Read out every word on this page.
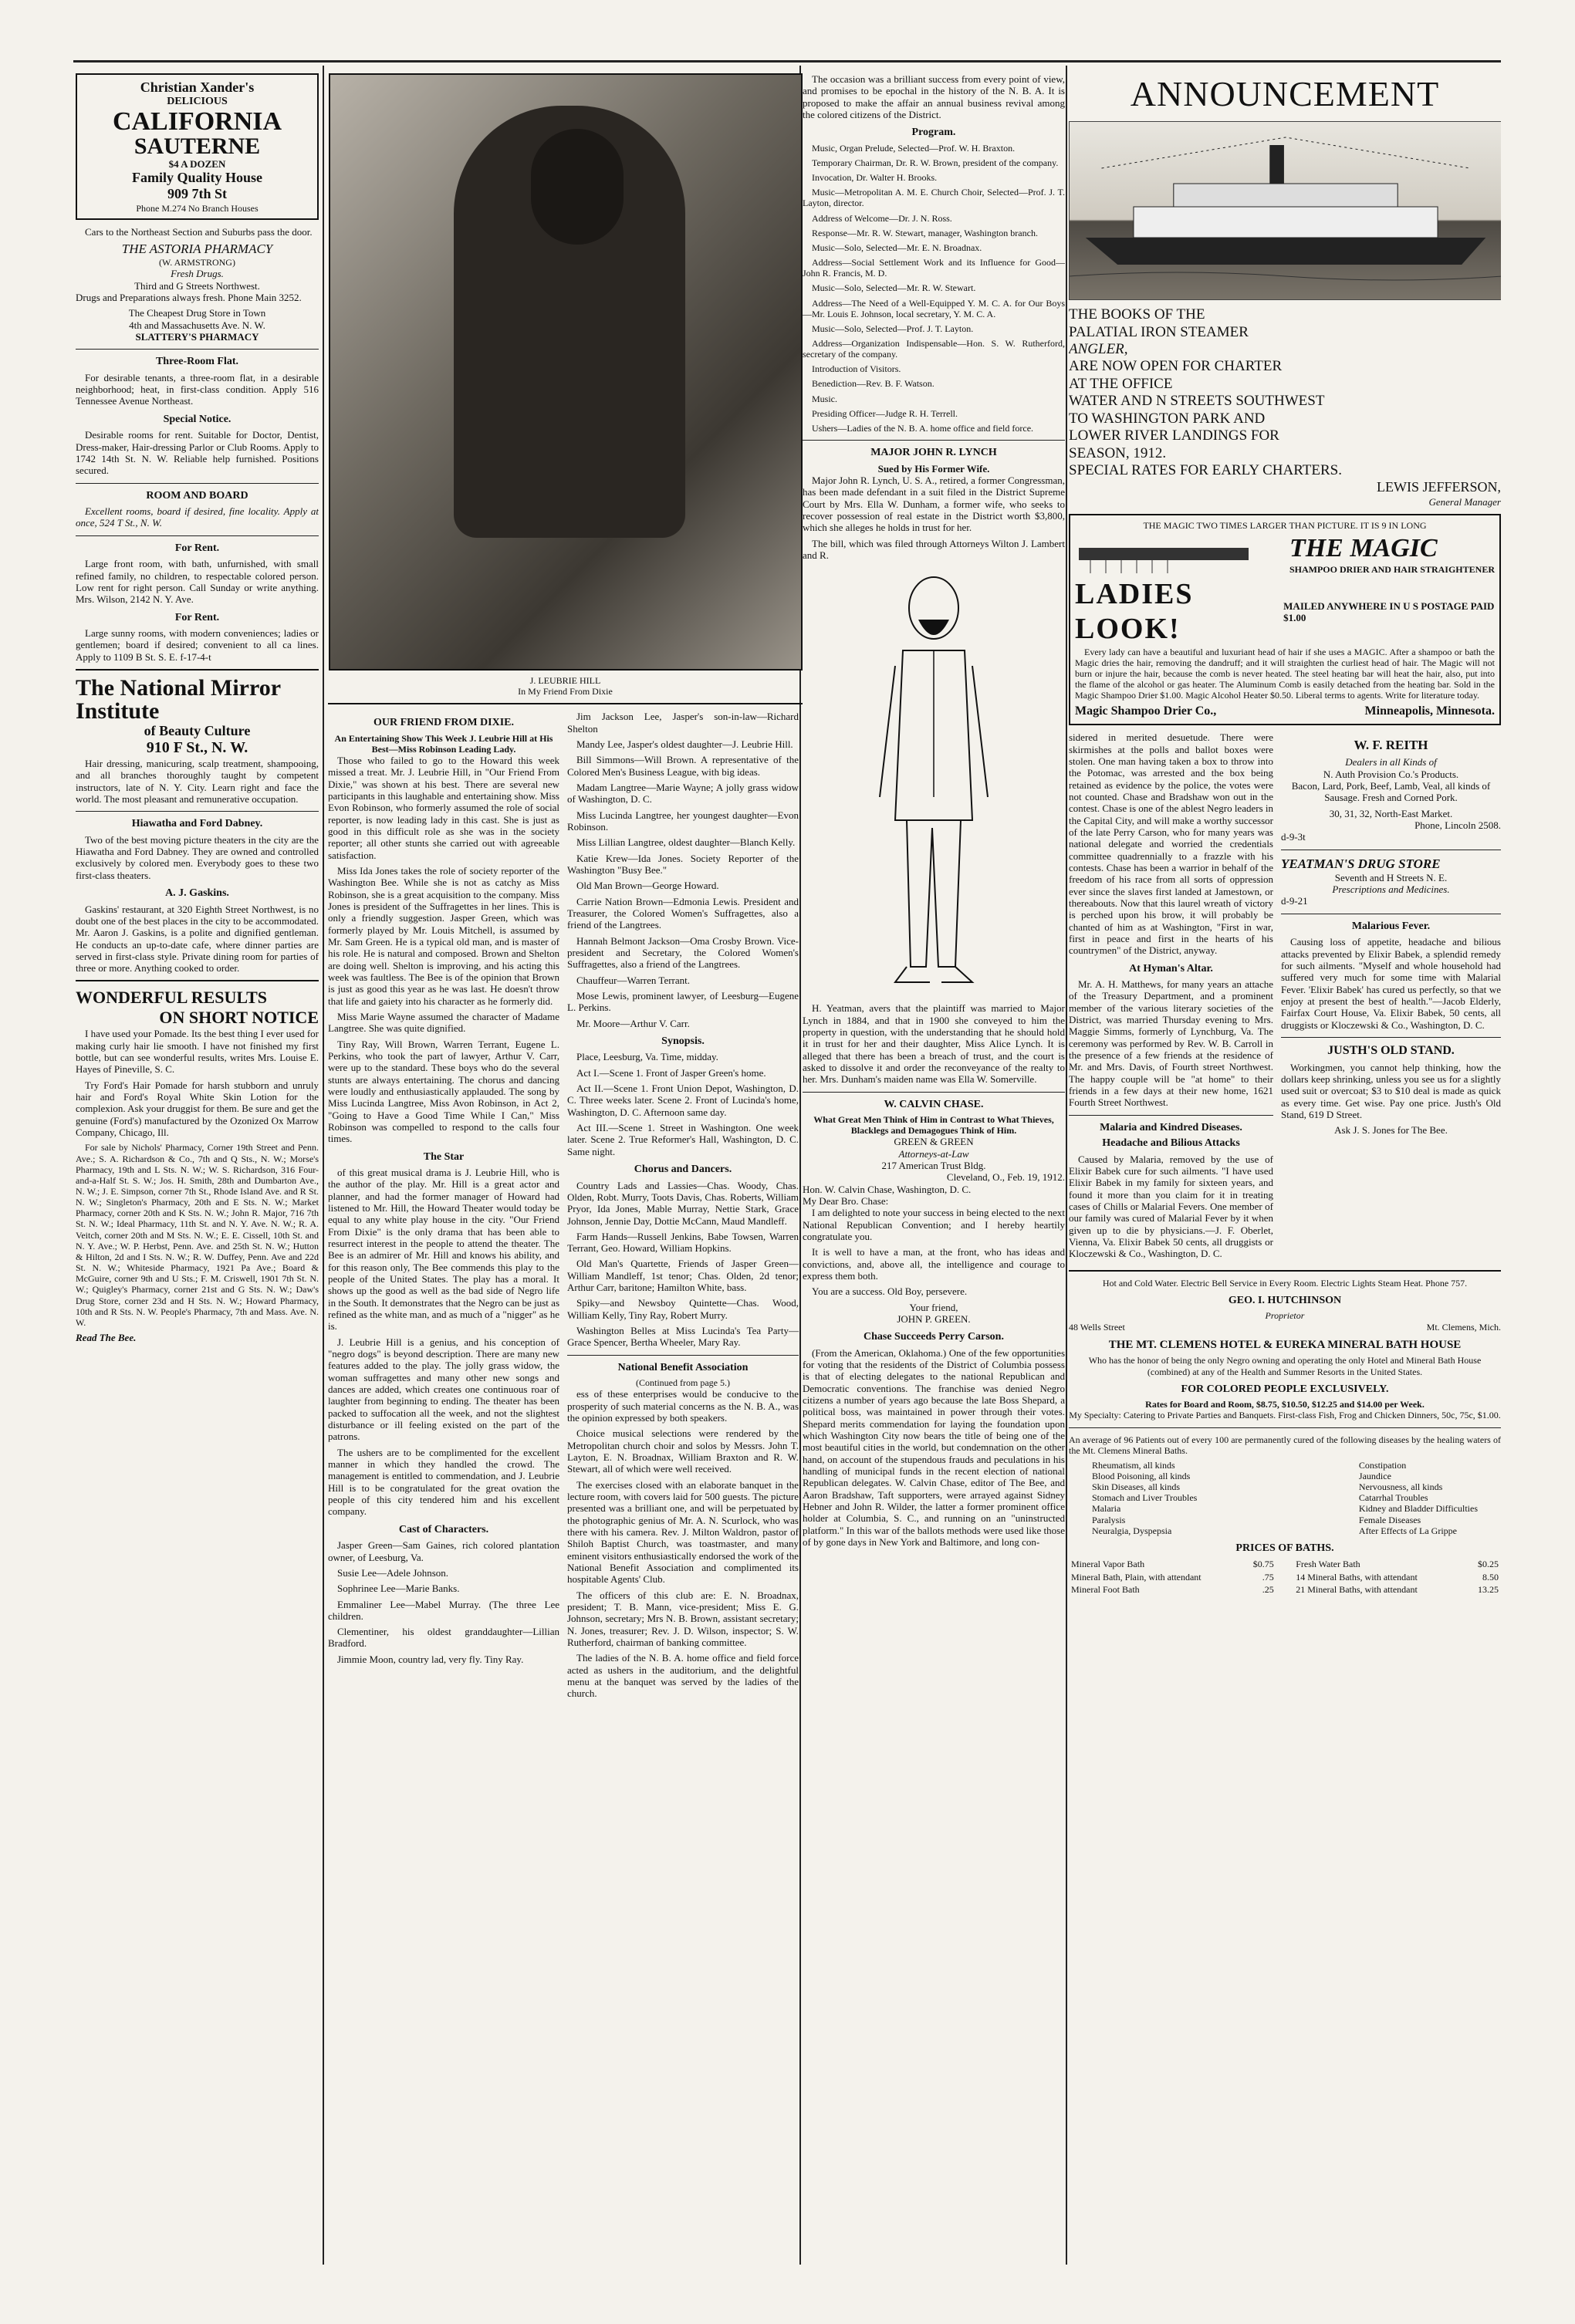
Christian Xander's
DELICIOUS
CALIFORNIA
SAUTERNE
$4 A DOZEN
Family Quality House
909 7th St
Phone M.274 No Branch Houses

Cars to the Northeast Section and Suburbs pass the door.

THE ASTORIA PHARMACY
(W. ARMSTRONG)
Fresh Drugs.
Third and G Streets Northwest.

Drugs and Preparations always fresh. Phone Main 3252.

The Cheapest Drug Store in Town
4th and Massachusetts Ave. N. W.
SLATTERY'S PHARMACY
Three-Room Flat.

For desirable tenants, a three-room flat, in a desirable neighborhood; heat, in first-class condition. Apply 516 Tennessee Avenue Northeast.

Special Notice.

Desirable rooms for rent. Suitable for Doctor, Dentist, Dress-maker, Hair-dressing Parlor or Club Rooms. Apply to 1742 14th St. N. W. Reliable help furnished. Positions secured.

ROOM AND BOARD

Excellent rooms, board if desired, fine locality. Apply at once, 524 T St., N. W.

For Rent.

Large front room, with bath, unfurnished, with small refined family, no children, to respectable colored person. Low rent for right person. Call Sunday or write anything. Mrs. Wilson, 2142 N. Y. Ave.

For Rent.

Large sunny rooms, with modern conveniences; ladies or gentlemen; board if desired; convenient to all ca lines. Apply to 1109 B St. S. E. f-17-4-t

The National Mirror Institute
of Beauty Culture
910 F St., N. W.

Hair dressing, manicuring, scalp treatment, shampooing, and all branches thoroughly taught by competent instructors, late of N. Y. City. Learn right and face the world. The most pleasant and remunerative occupation.

Hiawatha and Ford Dabney.

Two of the best moving picture theaters in the city are the Hiawatha and Ford Dabney. They are owned and controlled exclusively by colored men. Everybody goes to these two first-class theaters.

A. J. Gaskins.

Gaskins' restaurant, at 320 Eighth Street Northwest, is no doubt one of the best places in the city to be accommodated. Mr. Aaron J. Gaskins, is a polite and dignified gentleman. He conducts an up-to-date cafe, where dinner parties are served in first-class style. Private dining room for parties of three or more. Anything cooked to order.

WONDERFUL RESULTS
ON SHORT NOTICE

I have used your Pomade. Its the best thing I ever used for making curly hair lie smooth. I have not finished my first bottle, but can see wonderful results, writes Mrs. Louise E. Hayes of Pineville, S. C.

Try Ford's Hair Pomade for harsh stubborn and unruly hair and Ford's Royal White Skin Lotion for the complexion. Ask your druggist for them. Be sure and get the genuine (Ford's) manufactured by the Ozonized Ox Marrow Company, Chicago, Ill.

For sale by Nichols' Pharmacy, Corner 19th Street and Penn. Ave.; S. A. Richardson & Co., 7th and Q Sts., N. W.; Morse's Pharmacy, 19th and L Sts. N. W.; W. S. Richardson, 316 Four-and-a-Half St. S. W.; Jos. H. Smith, 28th and Dumbarton Ave., N. W.; J. E. Simpson, corner 7th St., Rhode Island Ave. and R St. N. W.; Singleton's Pharmacy, 20th and E Sts. N. W.; Market Pharmacy, corner 20th and K Sts. N. W.; John R. Major, 716 7th St. N. W.; Ideal Pharmacy, 11th St. and N. Y. Ave. N. W.; R. A. Veitch, corner 20th and M Sts. N. W.; E. E. Cissell, 10th St. and N. Y. Ave.; W. P. Herbst, Penn. Ave. and 25th St. N. W.; Hutton & Hilton, 2d and I Sts. N. W.; R. W. Duffey, Penn. Ave and 22d St. N. W.; Whiteside Pharmacy, 1921 Pa Ave.; Board & McGuire, corner 9th and U Sts.; F. M. Criswell, 1901 7th St. N. W.; Quigley's Pharmacy, corner 21st and G Sts. N. W.; Daw's Drug Store, corner 23d and H Sts. N. W.; Howard Pharmacy, 10th and R Sts. N. W. People's Pharmacy, 7th and Mass. Ave. N. W.

Read The Bee.
J. LEUBRIE HILL
In My Friend From Dixie
OUR FRIEND FROM DIXIE.
An Entertaining Show This Week J. Leubrie Hill at His Best—Miss Robinson Leading Lady.

Those who failed to go to the Howard this week missed a treat. Mr. J. Leubrie Hill, in "Our Friend From Dixie," was shown at his best. There are several new participants in this laughable and entertaining show. Miss Evon Robinson, who formerly assumed the role of social reporter, is now leading lady in this cast. She is just as good in this difficult role as she was in the society reporter; all other stunts she carried out with agreeable satisfaction.

Miss Ida Jones takes the role of society reporter of the Washington Bee. While she is not as catchy as Miss Robinson, she is a great acquisition to the company. Miss Jones is president of the Suffragettes in her lines. This is only a friendly suggestion. Jasper Green, which was formerly played by Mr. Louis Mitchell, is assumed by Mr. Sam Green. He is a typical old man, and is master of his role. He is natural and composed. Brown and Shelton are doing well. Shelton is improving, and his acting this week was faultless. The Bee is of the opinion that Brown is just as good this year as he was last. He doesn't throw that life and gaiety into his character as he formerly did.

Miss Marie Wayne assumed the character of Madame Langtree. She was quite dignified.

Tiny Ray, Will Brown, Warren Terrant, Eugene L. Perkins, who took the part of lawyer, Arthur V. Carr, were up to the standard. These boys who do the several stunts are always entertaining. The chorus and dancing were loudly and enthusiastically applauded. The song by Miss Lucinda Langtree, Miss Avon Robinson, in Act 2, "Going to Have a Good Time While I Can," Miss Robinson was compelled to respond to the calls four times.

The Star

of this great musical drama is J. Leubrie Hill, who is the author of the play. Mr. Hill is a great actor and planner, and had the former manager of Howard had listened to Mr. Hill, the Howard Theater would today be equal to any white play house in the city. "Our Friend From Dixie" is the only drama that has been able to resurrect interest in the people to attend the theater. The Bee is an admirer of Mr. Hill and knows his ability, and for this reason only, The Bee commends this play to the people of the United States. The play has a moral. It shows up the good as well as the bad side of Negro life in the South. It demonstrates that the Negro can be just as refined as the white man, and as much of a "nigger" as he is.

J. Leubrie Hill is a genius, and his conception of "negro dogs" is beyond description. There are many new features added to the play. The jolly grass widow, the woman suffragettes and many other new songs and dances are added, which creates one continuous roar of laughter from beginning to ending. The theater has been packed to suffocation all the week, and not the slightest disturbance or ill feeling existed on the part of the patrons.

The ushers are to be complimented for the excellent manner in which they handled the crowd. The management is entitled to commendation, and J. Leubrie Hill is to be congratulated for the great ovation the people of this city tendered him and his excellent company.

Cast of Characters.

Jasper Green—Sam Gaines, rich colored plantation owner, of Leesburg, Va.

Susie Lee—Adele Johnson.

Sophrinee Lee—Marie Banks.

Emmaliner Lee—Mabel Murray. (The three Lee children.

Clementiner, his oldest granddaughter—Lillian Bradford.

Jimmie Moon, country lad, very fly. Tiny Ray.

Jim Jackson Lee, Jasper's son-in-law—Richard Shelton

Mandy Lee, Jasper's oldest daughter—J. Leubrie Hill.

Bill Simmons—Will Brown. A representative of the Colored Men's Business League, with big ideas.

Madam Langtree—Marie Wayne; A jolly grass widow of Washington, D. C.

Miss Lucinda Langtree, her youngest daughter—Evon Robinson.

Miss Lillian Langtree, oldest daughter—Blanch Kelly.

Katie Krew—Ida Jones. Society Reporter of the Washington "Busy Bee."

Old Man Brown—George Howard.

Carrie Nation Brown—Edmonia Lewis. President and Treasurer, the Colored Women's Suffragettes, also a friend of the Langtrees.

Hannah Belmont Jackson—Oma Crosby Brown. Vice-president and Secretary, the Colored Women's Suffragettes, also a friend of the Langtrees.

Chauffeur—Warren Terrant.

Mose Lewis, prominent lawyer, of Leesburg—Eugene L. Perkins.

Mr. Moore—Arthur V. Carr.

Synopsis.

Place, Leesburg, Va. Time, midday.

Act I.—Scene 1. Front of Jasper Green's home.

Act II.—Scene 1. Front Union Depot, Washington, D. C. Three weeks later. Scene 2. Front of Lucinda's home, Washington, D. C. Afternoon same day.

Act III.—Scene 1. Street in Washington. One week later. Scene 2. True Reformer's Hall, Washington, D. C. Same night.

Chorus and Dancers.

Country Lads and Lassies—Chas. Woody, Chas. Olden, Robt. Murry, Toots Davis, Chas. Roberts, William Pryor, Ida Jones, Mable Murray, Nettie Stark, Grace Johnson, Jennie Day, Dottie McCann, Maud Mandleff.

Farm Hands—Russell Jenkins, Babe Towsen, Warren Terrant, Geo. Howard, William Hopkins.

Old Man's Quartette, Friends of Jasper Green—William Mandleff, 1st tenor; Chas. Olden, 2d tenor; Arthur Carr, baritone; Hamilton White, bass.

Spiky—and Newsboy Quintette—Chas. Wood, William Kelly, Tiny Ray, Robert Murry.

Washington Belles at Miss Lucinda's Tea Party—Grace Spencer, Bertha Wheeler, Mary Ray.

National Benefit Association
(Continued from page 5.)

ess of these enterprises would be conducive to the prosperity of such material concerns as the N. B. A., was the opinion expressed by both speakers.

Choice musical selections were rendered by the Metropolitan church choir and solos by Messrs. John T. Layton, E. N. Broadnax, William Braxton and R. W. Stewart, all of which were well received.

The exercises closed with an elaborate banquet in the lecture room, with covers laid for 500 guests. The picture presented was a brilliant one, and will be perpetuated by the photographic genius of Mr. A. N. Scurlock, who was there with his camera. Rev. J. Milton Waldron, pastor of Shiloh Baptist Church, was toastmaster, and many eminent visitors enthusiastically endorsed the work of the National Benefit Association and complimented its hospitable Agents' Club.

The officers of this club are: E. N. Broadnax, president; T. B. Mann, vice-president; Miss E. G. Johnson, secretary; Mrs N. B. Brown, assistant secretary; N. Jones, treasurer; Rev. J. D. Wilson, inspector; S. W. Rutherford, chairman of banking committee.

The ladies of the N. B. A. home office and field force acted as ushers in the auditorium, and the delightful menu at the banquet was served by the ladies of the church.

The occasion was a brilliant success from every point of view, and promises to be epochal in the history of the N. B. A. It is proposed to make the affair an annual business revival among the colored citizens of the District.

Program.

Music, Organ Prelude, Selected—Prof. W. H. Braxton.

Temporary Chairman, Dr. R. W. Brown, president of the company.

Invocation, Dr. Walter H. Brooks.

Music—Metropolitan A. M. E. Church Choir, Selected—Prof. J. T. Layton, director.

Address of Welcome—Dr. J. N. Ross.

Response—Mr. R. W. Stewart, manager, Washington branch.

Music—Solo, Selected—Mr. E. N. Broadnax.

Address—Social Settlement Work and its Influence for Good—John R. Francis, M. D.

Music—Solo, Selected—Mr. R. W. Stewart.

Address—The Need of a Well-Equipped Y. M. C. A. for Our Boys—Mr. Louis E. Johnson, local secretary, Y. M. C. A.

Music—Solo, Selected—Prof. J. T. Layton.

Address—Organization Indispensable—Hon. S. W. Rutherford, secretary of the company.

Introduction of Visitors.

Benediction—Rev. B. F. Watson.

Music.

Presiding Officer—Judge R. H. Terrell.

Ushers—Ladies of the N. B. A. home office and field force.

MAJOR JOHN R. LYNCH
Sued by His Former Wife.

Major John R. Lynch, U. S. A., retired, a former Congressman, has been made defendant in a suit filed in the District Supreme Court by Mrs. Ella W. Dunham, a former wife, who seeks to recover possession of real estate in the District worth $3,800, which she alleges he holds in trust for her.

The bill, which was filed through Attorneys Wilton J. Lambert and R.

H. Yeatman, avers that the plaintiff was married to Major Lynch in 1884, and that in 1900 she conveyed to him the property in question, with the understanding that he should hold it in trust for her and their daughter, Miss Alice Lynch. It is alleged that there has been a breach of trust, and the court is asked to dissolve it and order the reconveyance of the realty to her. Mrs. Dunham's maiden name was Ella W. Somerville.

W. CALVIN CHASE.
What Great Men Think of Him in Contrast to What Thieves, Blacklegs and Demagogues Think of Him.
GREEN & GREEN
Attorneys-at-Law
217 American Trust Bldg.
Cleveland, O., Feb. 19, 1912.
Hon. W. Calvin Chase, Washington, D. C.
My Dear Bro. Chase:

I am delighted to note your success in being elected to the next National Republican Convention; and I hereby heartily congratulate you.

It is well to have a man, at the front, who has ideas and convictions, and, above all, the intelligence and courage to express them both.

You are a success. Old Boy, persevere.

Your friend,
JOHN P. GREEN.
Chase Succeeds Perry Carson.

(From the American, Oklahoma.) One of the few opportunities for voting that the residents of the District of Columbia possess is that of electing delegates to the national Republican and Democratic conventions. The franchise was denied Negro citizens a number of years ago because the late Boss Shepard, a political boss, was maintained in power through their votes. Shepard merits commendation for laying the foundation upon which Washington City now bears the title of being one of the most beautiful cities in the world, but condemnation on the other hand, on account of the stupendous frauds and peculations in his handling of municipal funds in the recent election of national Republican delegates. W. Calvin Chase, editor of The Bee, and Aaron Bradshaw, Taft supporters, were arrayed against Sidney Hebner and John R. Wilder, the latter a former prominent office holder at Columbia, S. C., and running on an "uninstructed platform." In this war of the ballots methods were used like those of by gone days in New York and Baltimore, and long con-

ANNOUNCEMENT
THE BOOKS OF THE
PALATIAL IRON STEAMER
ANGLER,
ARE NOW OPEN FOR CHARTER
AT THE OFFICE
WATER AND N STREETS SOUTHWEST
TO WASHINGTON PARK AND
LOWER RIVER LANDINGS FOR
SEASON, 1912.
SPECIAL RATES FOR EARLY CHARTERS.
LEWIS JEFFERSON,
General Manager
THE MAGIC TWO TIMES LARGER THAN PICTURE. IT IS 9 IN LONG
THE MAGIC
SHAMPOO DRIER AND HAIR STRAIGHTENER
LADIES LOOK!
MAILED ANYWHERE IN U S POSTAGE PAID $1.00

Every lady can have a beautiful and luxuriant head of hair if she uses a MAGIC. After a shampoo or bath the Magic dries the hair, removing the dandruff; and it will straighten the curliest head of hair. The Magic will not burn or injure the hair, because the comb is never heated. The steel heating bar will heat the hair, also, put into the flame of the alcohol or gas heater. The Aluminum Comb is easily detached from the heating bar. Sold in the Magic Shampoo Drier $1.00. Magic Alcohol Heater $0.50. Liberal terms to agents. Write for literature today.

Magic Shampoo Drier Co.,	Minneapolis, Minnesota.

sidered in merited desuetude. There were skirmishes at the polls and ballot boxes were stolen. One man having taken a box to throw into the Potomac, was arrested and the box being retained as evidence by the police, the votes were not counted. Chase and Bradshaw won out in the contest. Chase is one of the ablest Negro leaders in the Capital City, and will make a worthy successor of the late Perry Carson, who for many years was national delegate and worried the credentials committee quadrennially to a frazzle with his contests. Chase has been a warrior in behalf of the freedom of his race from all sorts of oppression ever since the slaves first landed at Jamestown, or thereabouts. Now that this laurel wreath of victory is perched upon his brow, it will probably be chanted of him as at Washington, "First in war, first in peace and first in the hearts of his countrymen" of the District, anyway.

At Hyman's Altar.

Mr. A. H. Matthews, for many years an attache of the Treasury Department, and a prominent member of the various literary societies of the District, was married Thursday evening to Mrs. Maggie Simms, formerly of Lynchburg, Va. The ceremony was performed by Rev. W. B. Carroll in the presence of a few friends at the residence of Mr. and Mrs. Davis, of Fourth street Northwest. The happy couple will be "at home" to their friends in a few days at their new home, 1621 Fourth Street Northwest.

Malaria and Kindred Diseases.
Headache and Bilious Attacks

Caused by Malaria, removed by the use of Elixir Babek cure for such ailments. "I have used Elixir Babek in my family for sixteen years, and found it more than you claim for it in treating cases of Chills or Malarial Fevers. One member of our family was cured of Malarial Fever by it when given up to die by physicians.—J. F. Oberlet, Vienna, Va. Elixir Babek 50 cents, all druggists or Kloczewski & Co., Washington, D. C.

W. F. REITH
Dealers in all Kinds of
N. Auth Provision Co.'s Products.

Bacon, Lard, Pork, Beef, Lamb, Veal, all kinds of Sausage. Fresh and Corned Pork.

30, 31, 32, North-East Market.
Phone, Lincoln 2508.
d-9-3t
YEATMAN'S DRUG STORE
Seventh and H Streets N. E.
Prescriptions and Medicines.
d-9-21
Malarious Fever.

Causing loss of appetite, headache and bilious attacks prevented by Elixir Babek, a splendid remedy for such ailments. "Myself and whole household had suffered very much for some time with Malarial Fever. 'Elixir Babek' has cured us perfectly, so that we enjoy at present the best of health."—Jacob Elderly, Fairfax Court House, Va. Elixir Babek, 50 cents, all druggists or Kloczewski & Co., Washington, D. C.

JUSTH'S OLD STAND.

Workingmen, you cannot help thinking, how the dollars keep shrinking, unless you see us for a slightly used suit or overcoat; $3 to $10 deal is made as quick as every time. Get wise. Pay one price. Justh's Old Stand, 619 D Street.

Ask J. S. Jones for The Bee.
Hot and Cold Water. Electric Bell Service in Every Room. Electric Lights Steam Heat. Phone 757.
GEO. I. HUTCHINSON
Proprietor
48 Wells Street	Mt. Clemens, Mich.
THE MT. CLEMENS HOTEL & EUREKA MINERAL BATH HOUSE

Who has the honor of being the only Negro owning and operating the only Hotel and Mineral Bath House (combined) at any of the Health and Summer Resorts in the United States.

FOR COLORED PEOPLE EXCLUSIVELY.
Rates for Board and Room, $8.75, $10.50, $12.25 and $14.00 per Week.
My Specialty: Catering to Private Parties and Banquets. First-class Fish, Frog and Chicken Dinners, 50c, 75c, $1.00.

An average of 96 Patients out of every 100 are permanently cured of the following diseases by the healing waters of the Mt. Clemens Mineral Baths.

Rheumatism, all kinds
Blood Poisoning, all kinds
Skin Diseases, all kinds
Stomach and Liver Troubles
Malaria
Paralysis
Neuralgia, Dyspepsia
Constipation
Jaundice
Nervousness, all kinds
Catarrhal Troubles
Kidney and Bladder Difficulties
Female Diseases
After Effects of La Grippe
PRICES OF BATHS.
Mineral Vapor Bath	$0.75
Mineral Bath, Plain, with attendant	.75
Mineral Foot Bath	.25
Fresh Water Bath	$0.25
14 Mineral Baths, with attendant	8.50
21 Mineral Baths, with attendant	13.25
